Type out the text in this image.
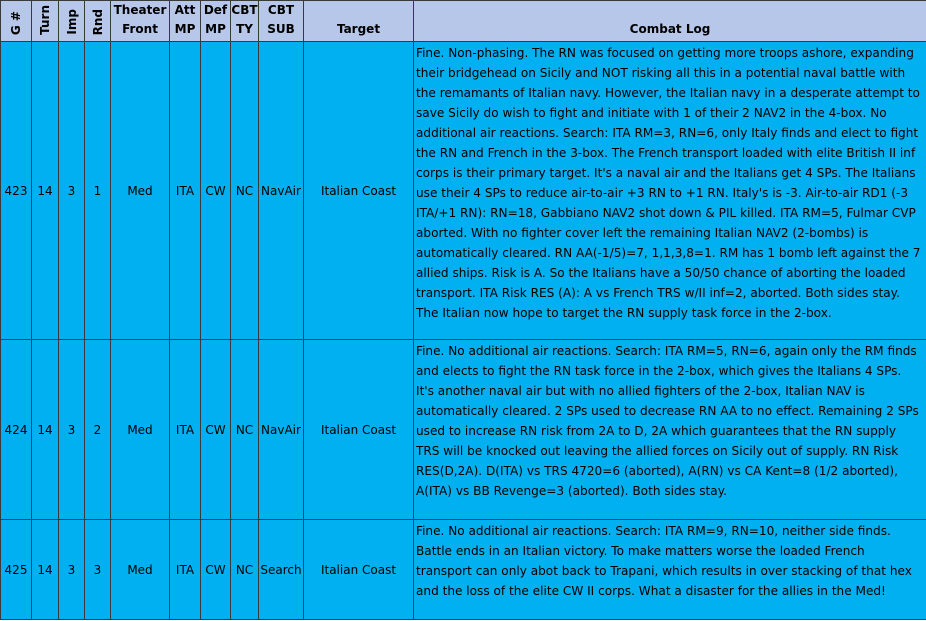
G #	Turn	Imp	Rnd	Theater Front	Att MP	Def MP	CBT TY	CBT SUB	Target	Combat Log
423	14	3	1	Med	ITA	CW	NC	NavAir	Italian Coast	Fine. Non-phasing. The RN was focused on getting more troops ashore, expanding their bridgehead on Sicily and NOT risking all this in a potential naval battle with the remamants of Italian navy. However, the Italian navy in a desperate attempt to save Sicily do wish to fight and initiate with 1 of their 2 NAV2 in the 4-box. No additional air reactions. Search: ITA RM=3, RN=6, only Italy finds and elect to fight the RN and French in the 3-box. The French transport loaded with elite British II inf corps is their primary target. It's a naval air and the Italians get 4 SPs. The Italians use their 4 SPs to reduce air-to-air +3 RN to +1 RN. Italy's is -3. Air-to-air RD1 (-3 ITA/+1 RN): RN=18, Gabbiano NAV2 shot down & PIL killed. ITA RM=5, Fulmar CVP aborted. With no fighter cover left the remaining Italian NAV2 (2-bombs) is automatically cleared. RN AA(-1/5)=7, 1,1,3,8=1. RM has 1 bomb left against the 7 allied ships. Risk is A. So the Italians have a 50/50 chance of aborting the loaded transport. ITA Risk RES (A): A vs French TRS w/II inf=2, aborted. Both sides stay. The Italian now hope to target the RN supply task force in the 2-box.
424	14	3	2	Med	ITA	CW	NC	NavAir	Italian Coast	Fine. No additional air reactions. Search: ITA RM=5, RN=6, again only the RM finds and elects to fight the RN task force in the 2-box, which gives the Italians 4 SPs. It's another naval air but with no allied fighters of the 2-box, Italian NAV is automatically cleared. 2 SPs used to decrease RN AA to no effect. Remaining 2 SPs used to increase RN risk from 2A to D, 2A which guarantees that the RN supply TRS will be knocked out leaving the allied forces on Sicily out of supply. RN Risk RES(D,2A). D(ITA) vs TRS 4720=6 (aborted), A(RN) vs CA Kent=8 (1/2 aborted), A(ITA) vs BB Revenge=3 (aborted). Both sides stay.
425	14	3	3	Med	ITA	CW	NC	Search	Italian Coast	Fine. No additional air reactions. Search: ITA RM=9, RN=10, neither side finds. Battle ends in an Italian victory. To make matters worse the loaded French transport can only abot back to Trapani, which results in over stacking of that hex and the loss of the elite CW II corps. What a disaster for the allies in the Med!
